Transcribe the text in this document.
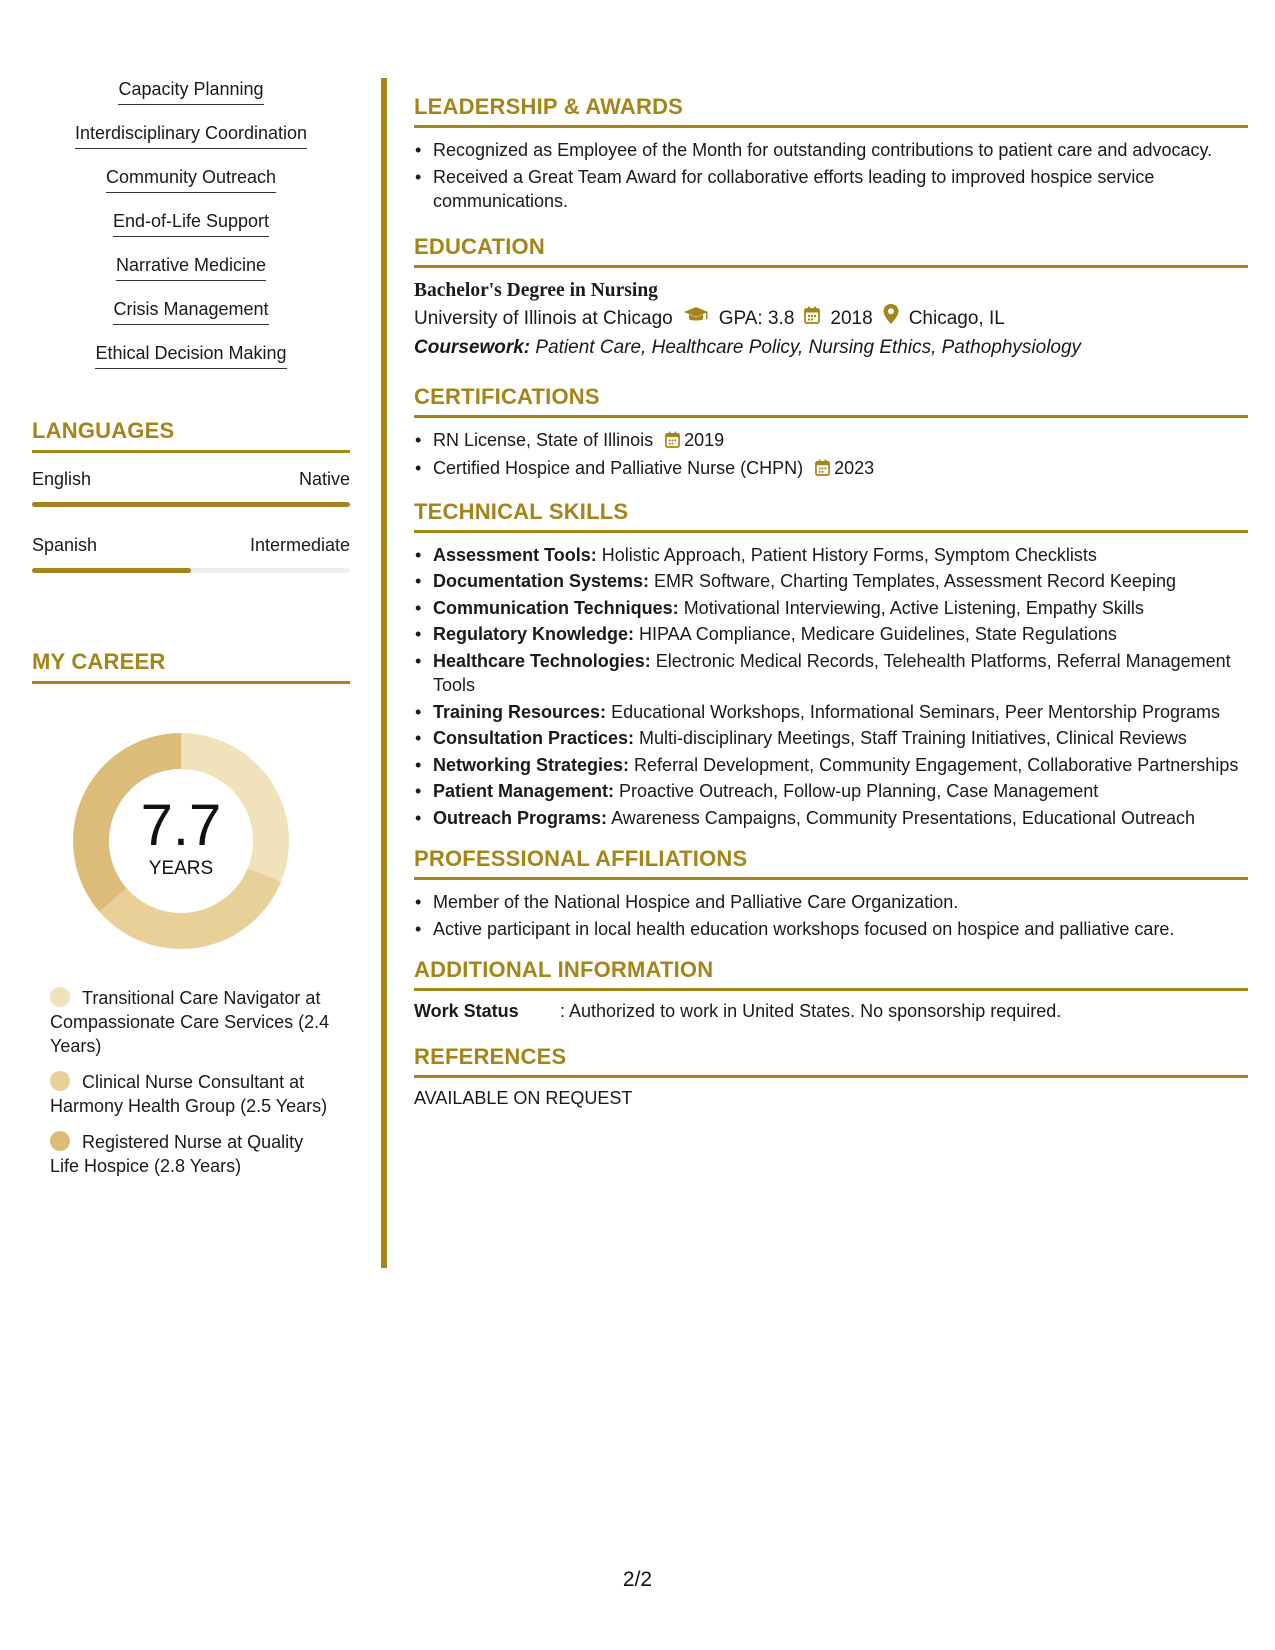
Capacity Planning
Interdisciplinary Coordination
Community Outreach
End-of-Life Support
Narrative Medicine
Crisis Management
Ethical Decision Making
LANGUAGES
English	Native
Spanish	Intermediate
MY CAREER
7.7
YEARS
Transitional Care Navigator at Compassionate Care Services (2.4 Years)
Clinical Nurse Consultant at Harmony Health Group (2.5 Years)
Registered Nurse at Quality Life Hospice (2.8 Years)
LEADERSHIP & AWARDS
• Recognized as Employee of the Month for outstanding contributions to patient care and advocacy.
• Received a Great Team Award for collaborative efforts leading to improved hospice service communications.
EDUCATION
Bachelor's Degree in Nursing
University of Illinois at Chicago GPA: 3.8 2018 Chicago, IL
Coursework: Patient Care, Healthcare Policy, Nursing Ethics, Pathophysiology
CERTIFICATIONS
• RN License, State of Illinois 2019
• Certified Hospice and Palliative Nurse (CHPN) 2023
TECHNICAL SKILLS
• Assessment Tools: Holistic Approach, Patient History Forms, Symptom Checklists
• Documentation Systems: EMR Software, Charting Templates, Assessment Record Keeping
• Communication Techniques: Motivational Interviewing, Active Listening, Empathy Skills
• Regulatory Knowledge: HIPAA Compliance, Medicare Guidelines, State Regulations
• Healthcare Technologies: Electronic Medical Records, Telehealth Platforms, Referral Management Tools
• Training Resources: Educational Workshops, Informational Seminars, Peer Mentorship Programs
• Consultation Practices: Multi-disciplinary Meetings, Staff Training Initiatives, Clinical Reviews
• Networking Strategies: Referral Development, Community Engagement, Collaborative Partnerships
• Patient Management: Proactive Outreach, Follow-up Planning, Case Management
• Outreach Programs: Awareness Campaigns, Community Presentations, Educational Outreach
PROFESSIONAL AFFILIATIONS
• Member of the National Hospice and Palliative Care Organization.
• Active participant in local health education workshops focused on hospice and palliative care.
ADDITIONAL INFORMATION
Work Status	: Authorized to work in United States. No sponsorship required.
REFERENCES
AVAILABLE ON REQUEST
2/2
